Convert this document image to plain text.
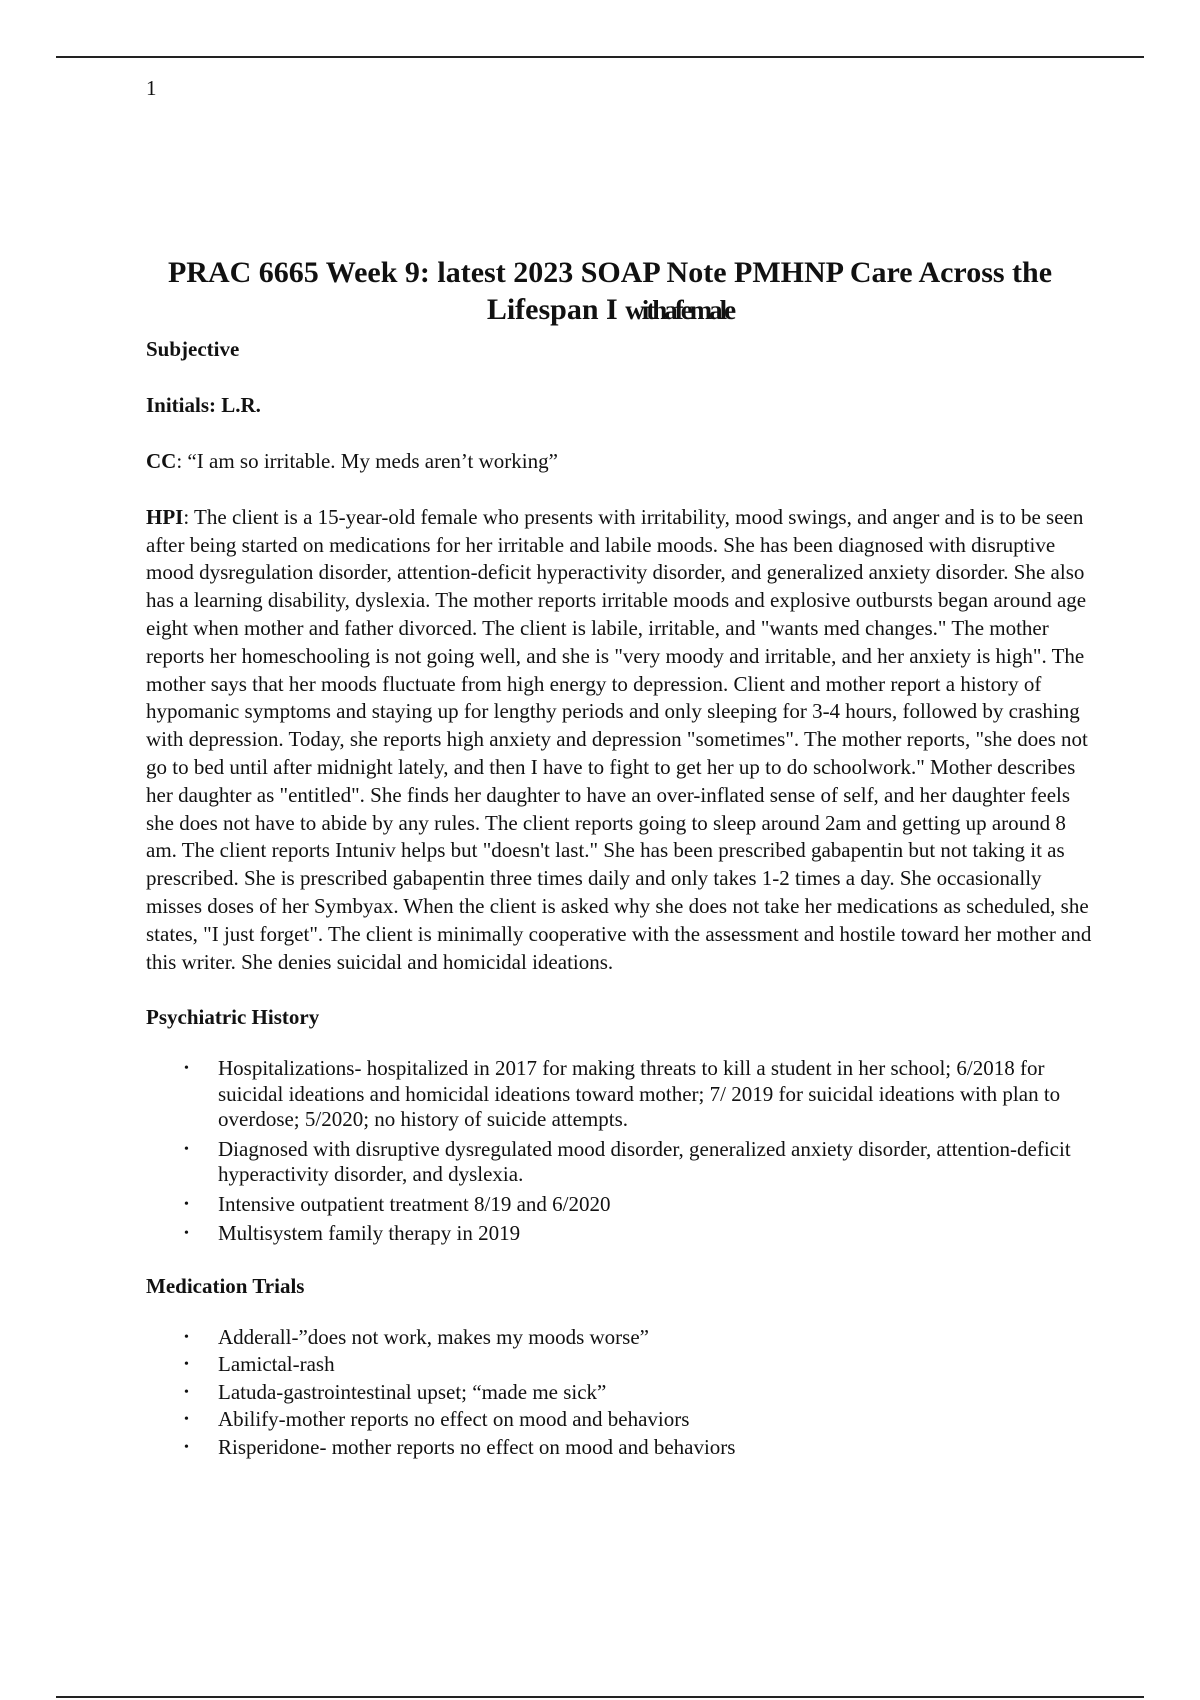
1
PRAC 6665 Week 9: latest 2023 SOAP Note PMHNP Care Across the Lifespan I withafemale

Subjective

Initials: L.R.

CC: “I am so irritable. My meds aren’t working”

HPI: The client is a 15-year-old female who presents with irritability, mood swings, and anger and is to be seen after being started on medications for her irritable and labile moods. She has been diagnosed with disruptive mood dysregulation disorder, attention-deficit hyperactivity disorder, and generalized anxiety disorder. She also has a learning disability, dyslexia. The mother reports irritable moods and explosive outbursts began around age eight when mother and father divorced. The client is labile, irritable, and "wants med changes." The mother reports her homeschooling is not going well, and she is "very moody and irritable, and her anxiety is high". The mother says that her moods fluctuate from high energy to depression. Client and mother report a history of hypomanic symptoms and staying up for lengthy periods and only sleeping for 3-4 hours, followed by crashing with depression. Today, she reports high anxiety and depression "sometimes". The mother reports, "she does not go to bed until after midnight lately, and then I have to fight to get her up to do schoolwork." Mother describes her daughter as "entitled". She finds her daughter to have an over-inflated sense of self, and her daughter feels she does not have to abide by any rules. The client reports going to sleep around 2am and getting up around 8 am. The client reports Intuniv helps but "doesn't last." She has been prescribed gabapentin but not taking it as prescribed. She is prescribed gabapentin three times daily and only takes 1-2 times a day. She occasionally misses doses of her Symbyax. When the client is asked why she does not take her medications as scheduled, she states, "I just forget". The client is minimally cooperative with the assessment and hostile toward her mother and this writer. She denies suicidal and homicidal ideations.

Psychiatric History

• Hospitalizations- hospitalized in 2017 for making threats to kill a student in her school; 6/2018 for suicidal ideations and homicidal ideations toward mother; 7/ 2019 for suicidal ideations with plan to overdose; 5/2020; no history of suicide attempts.
• Diagnosed with disruptive dysregulated mood disorder, generalized anxiety disorder, attention-deficit hyperactivity disorder, and dyslexia.
• Intensive outpatient treatment 8/19 and 6/2020
• Multisystem family therapy in 2019

Medication Trials

• Adderall-”does not work, makes my moods worse”
• Lamictal-rash
• Latuda-gastrointestinal upset; “made me sick”
• Abilify-mother reports no effect on mood and behaviors
• Risperidone- mother reports no effect on mood and behaviors
